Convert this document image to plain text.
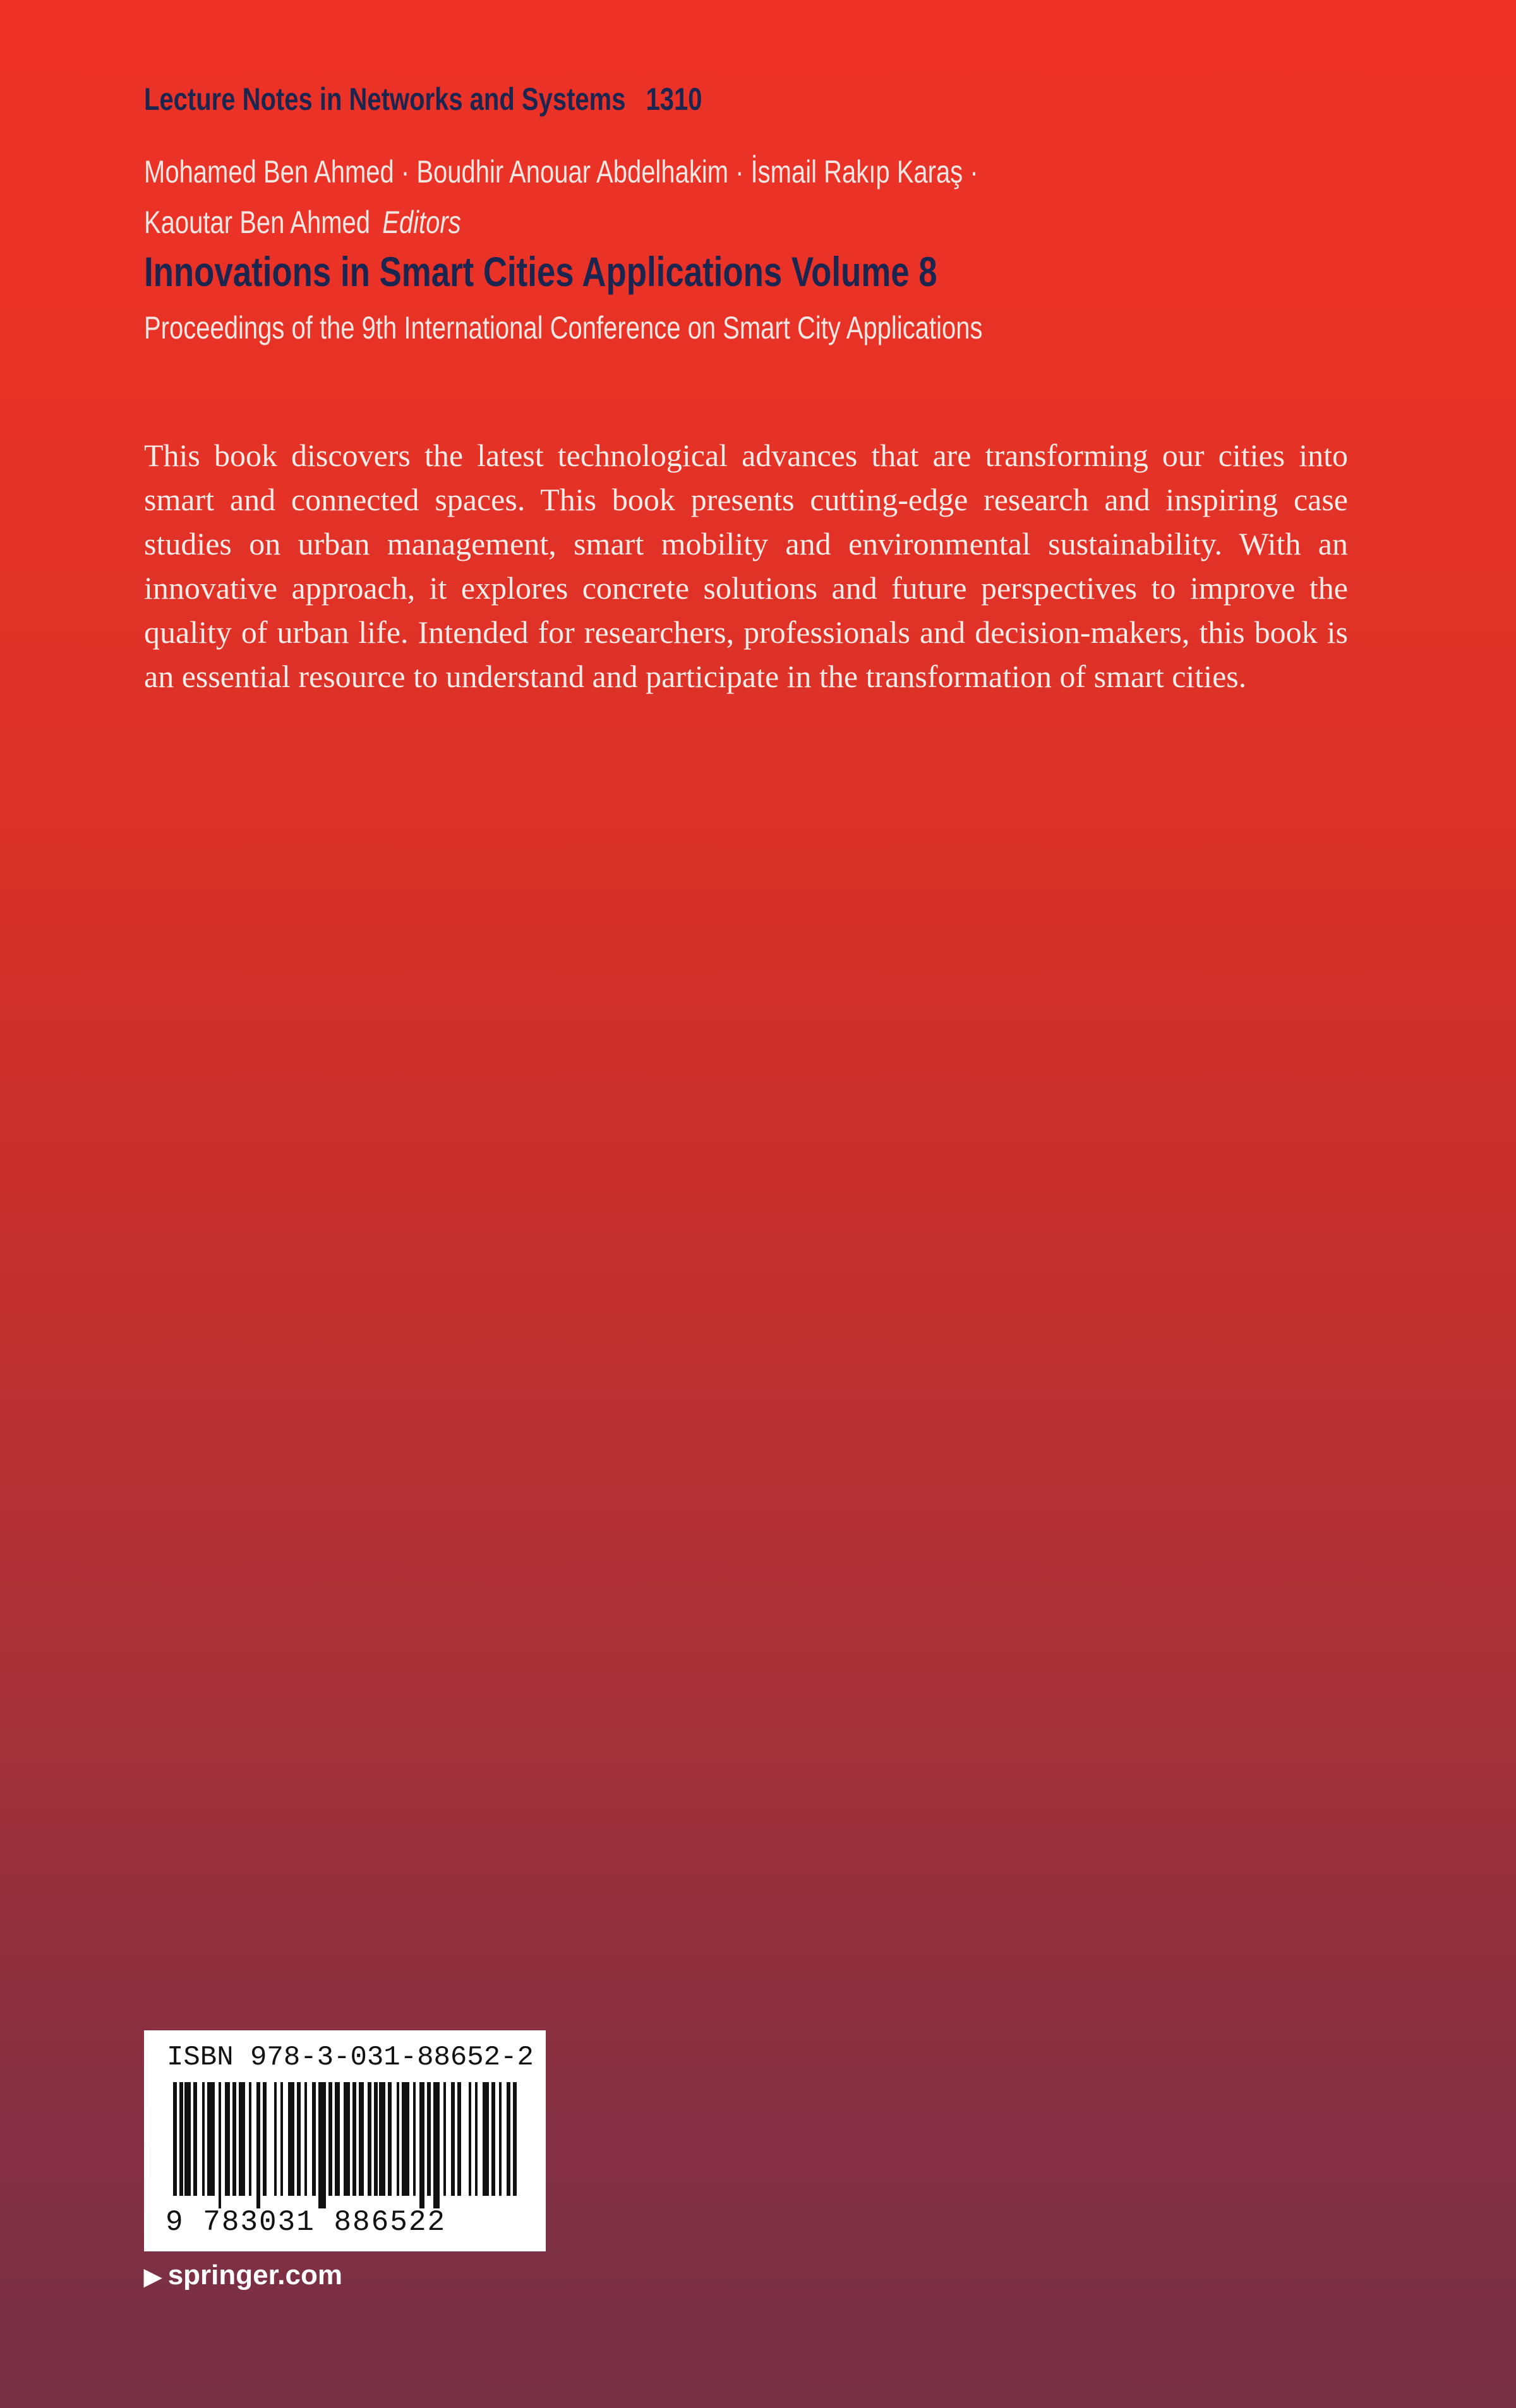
Lecture Notes in Networks and Systems 1310
Mohamed Ben Ahmed · Boudhir Anouar Abdelhakim · İsmail Rakıp Karaş ·
Kaoutar Ben Ahmed Editors
Innovations in Smart Cities Applications Volume 8
Proceedings of the 9th International Conference on Smart City Applications

This book discovers the latest technological advances that are transforming our cities into smart and connected spaces. This book presents cutting-edge research and inspiring case studies on urban management, smart mobility and environmental sustainability. With an innovative approach, it explores concrete solutions and future perspectives to improve the quality of urban life. Intended for researchers, professionals and decision-makers, this book is an essential resource to understand and participate in the transformation of smart cities.

ISBN 978-3-031-88652-2
9 783031 886522
▶ springer.com
